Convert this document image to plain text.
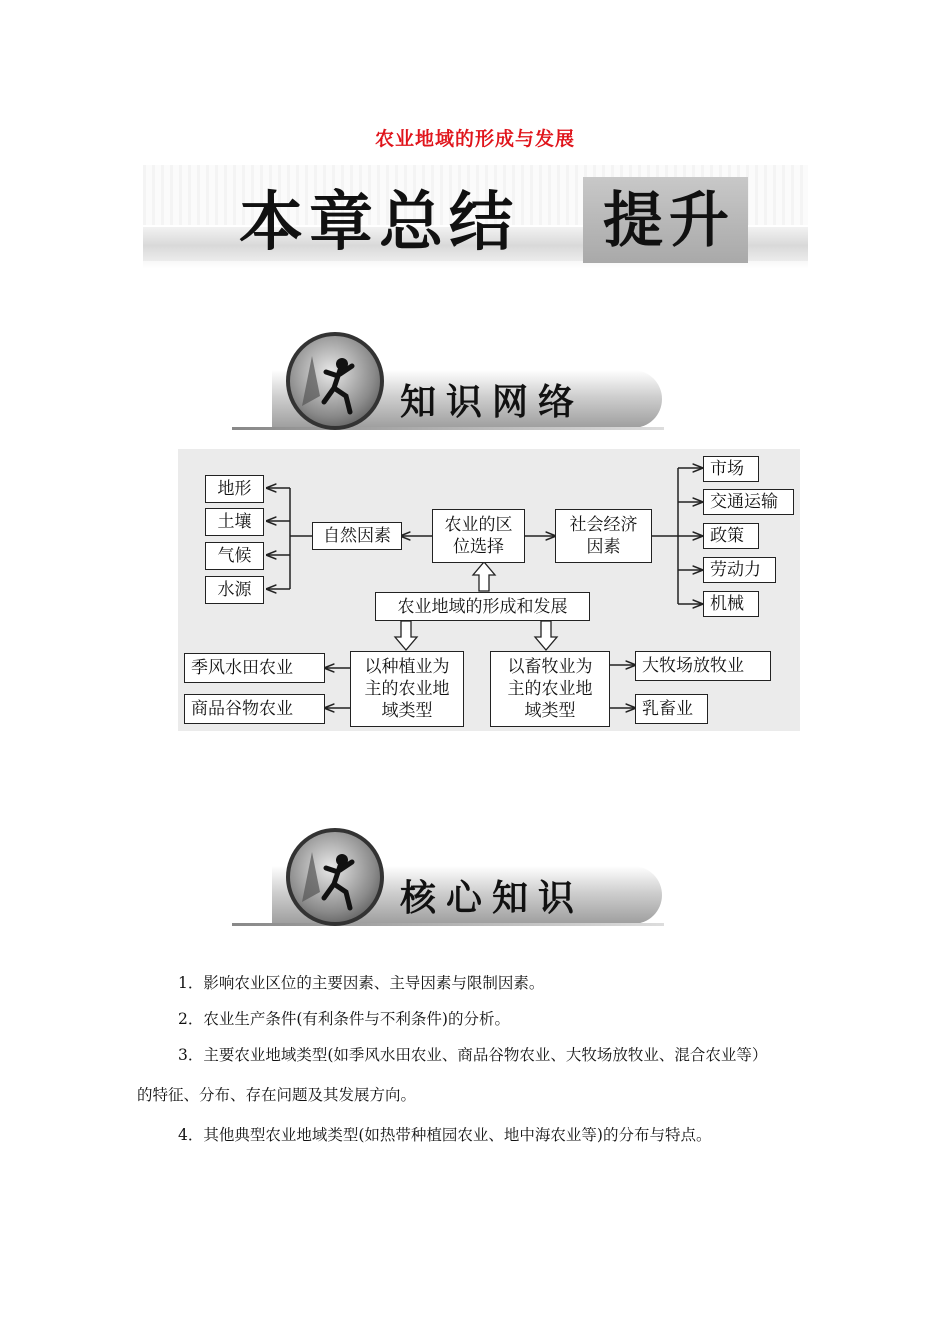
农业地域的形成与发展
本章总结 提升
知识网络
地形
土壤
气候
水源
自然因素
农业的区
位选择
社会经济
因素
市场
交通运输
政策
劳动力
机械
农业地域的形成和发展
以种植业为
主的农业地
域类型
以畜牧业为
主的农业地
域类型
季风水田农业
商品谷物农业
大牧场放牧业
乳畜业
核心知识
1．影响农业区位的主要因素、主导因素与限制因素。
2．农业生产条件(有利条件与不利条件)的分析。
3．主要农业地域类型(如季风水田农业、商品谷物农业、大牧场放牧业、混合农业等）
的特征、分布、存在问题及其发展方向。
4．其他典型农业地域类型(如热带种植园农业、地中海农业等)的分布与特点。
